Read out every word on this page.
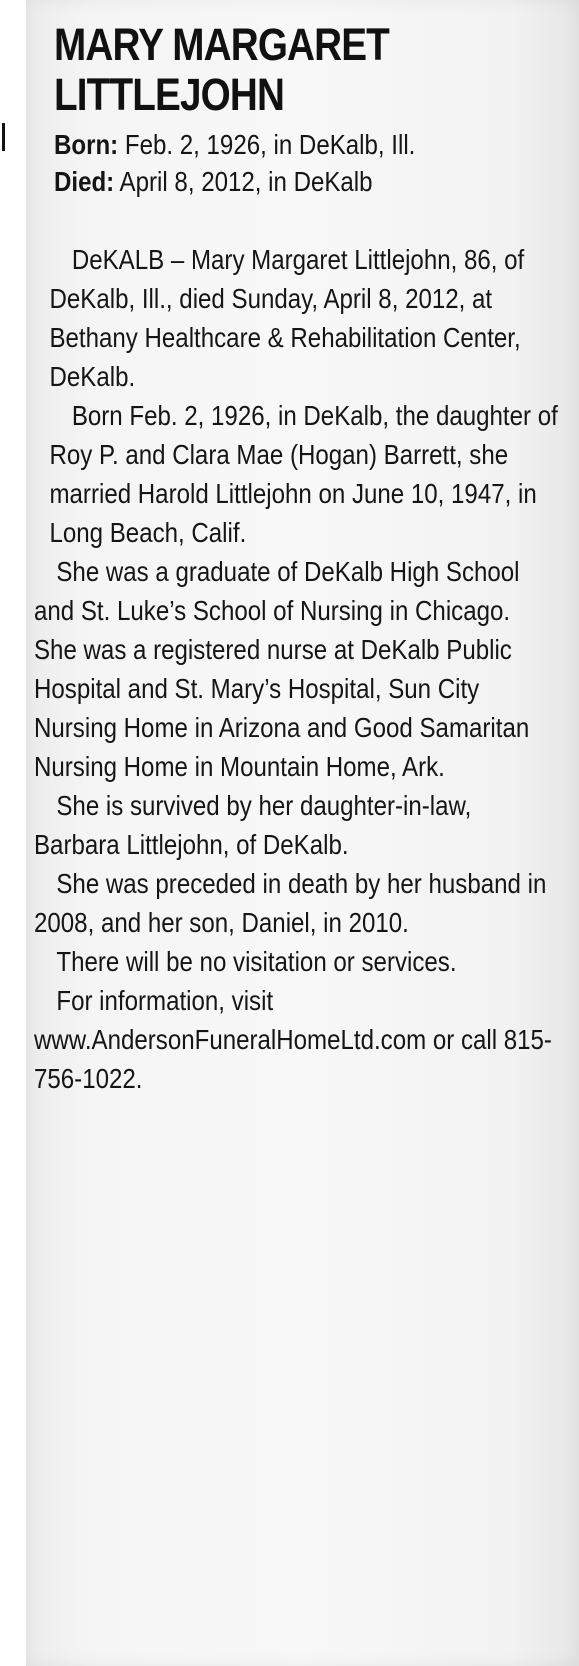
MARY MARGARET LITTLEJOHN
Born: Feb. 2, 1926, in DeKalb, Ill.
Died: April 8, 2012, in DeKalb

DeKALB – Mary Margaret Littlejohn, 86, of DeKalb, Ill., died Sunday, April 8, 2012, at Bethany Healthcare & Rehabilitation Center, DeKalb.

Born Feb. 2, 1926, in DeKalb, the daughter of Roy P. and Clara Mae (Hogan) Barrett, she married Harold Littlejohn on June 10, 1947, in Long Beach, Calif.

She was a graduate of DeKalb High School and St. Luke’s School of Nursing in Chicago. She was a registered nurse at DeKalb Public Hospital and St. Mary’s Hospital, Sun City Nursing Home in Arizona and Good Samaritan Nursing Home in Mountain Home, Ark.

She is survived by her daughter-in-law, Barbara Littlejohn, of DeKalb.

She was preceded in death by her husband in 2008, and her son, Daniel, in 2010.

There will be no visitation or services.

For information, visit www.AndersonFuneralHomeLtd.com or call 815-756-1022.
